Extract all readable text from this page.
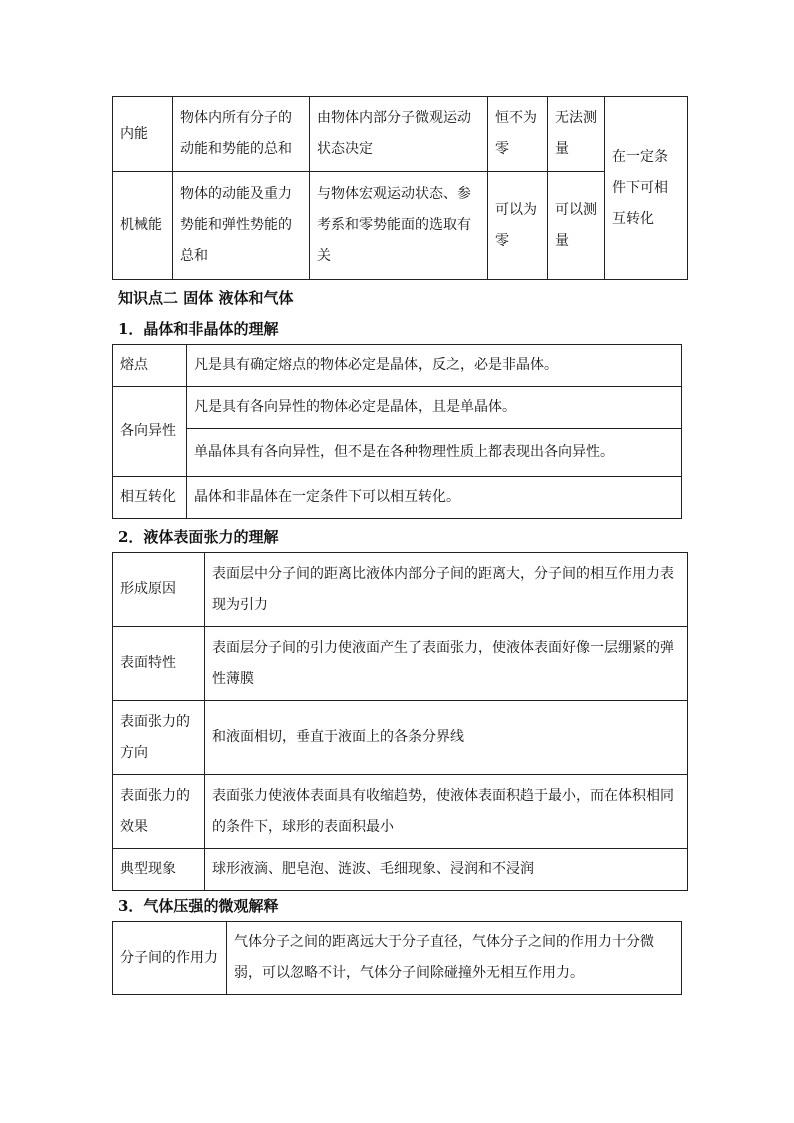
内能	物体内所有分子的动能和势能的总和	由物体内部分子微观运动状态决定	恒不为零	无法测量	在一定条件下可相互转化
机械能	物体的动能及重力势能和弹性势能的总和	与物体宏观运动状态、参考系和零势能面的选取有关	可以为零	可以测量	
知识点二 固体 液体和气体
1．晶体和非晶体的理解
熔点	凡是具有确定熔点的物体必定是晶体，反之，必是非晶体。
各向异性	凡是具有各向异性的物体必定是晶体，且是单晶体。
	单晶体具有各向异性，但不是在各种物理性质上都表现出各向异性。
相互转化	晶体和非晶体在一定条件下可以相互转化。
2．液体表面张力的理解
形成原因	表面层中分子间的距离比液体内部分子间的距离大，分子间的相互作用力表现为引力
表面特性	表面层分子间的引力使液面产生了表面张力，使液体表面好像一层绷紧的弹性薄膜
表面张力的方向	和液面相切，垂直于液面上的各条分界线
表面张力的效果	表面张力使液体表面具有收缩趋势，使液体表面积趋于最小，而在体积相同的条件下，球形的表面积最小
典型现象	球形液滴、肥皂泡、涟波、毛细现象、浸润和不浸润
3．气体压强的微观解释
分子间的作用力	气体分子之间的距离远大于分子直径，气体分子之间的作用力十分微弱，可以忽略不计，气体分子间除碰撞外无相互作用力。
